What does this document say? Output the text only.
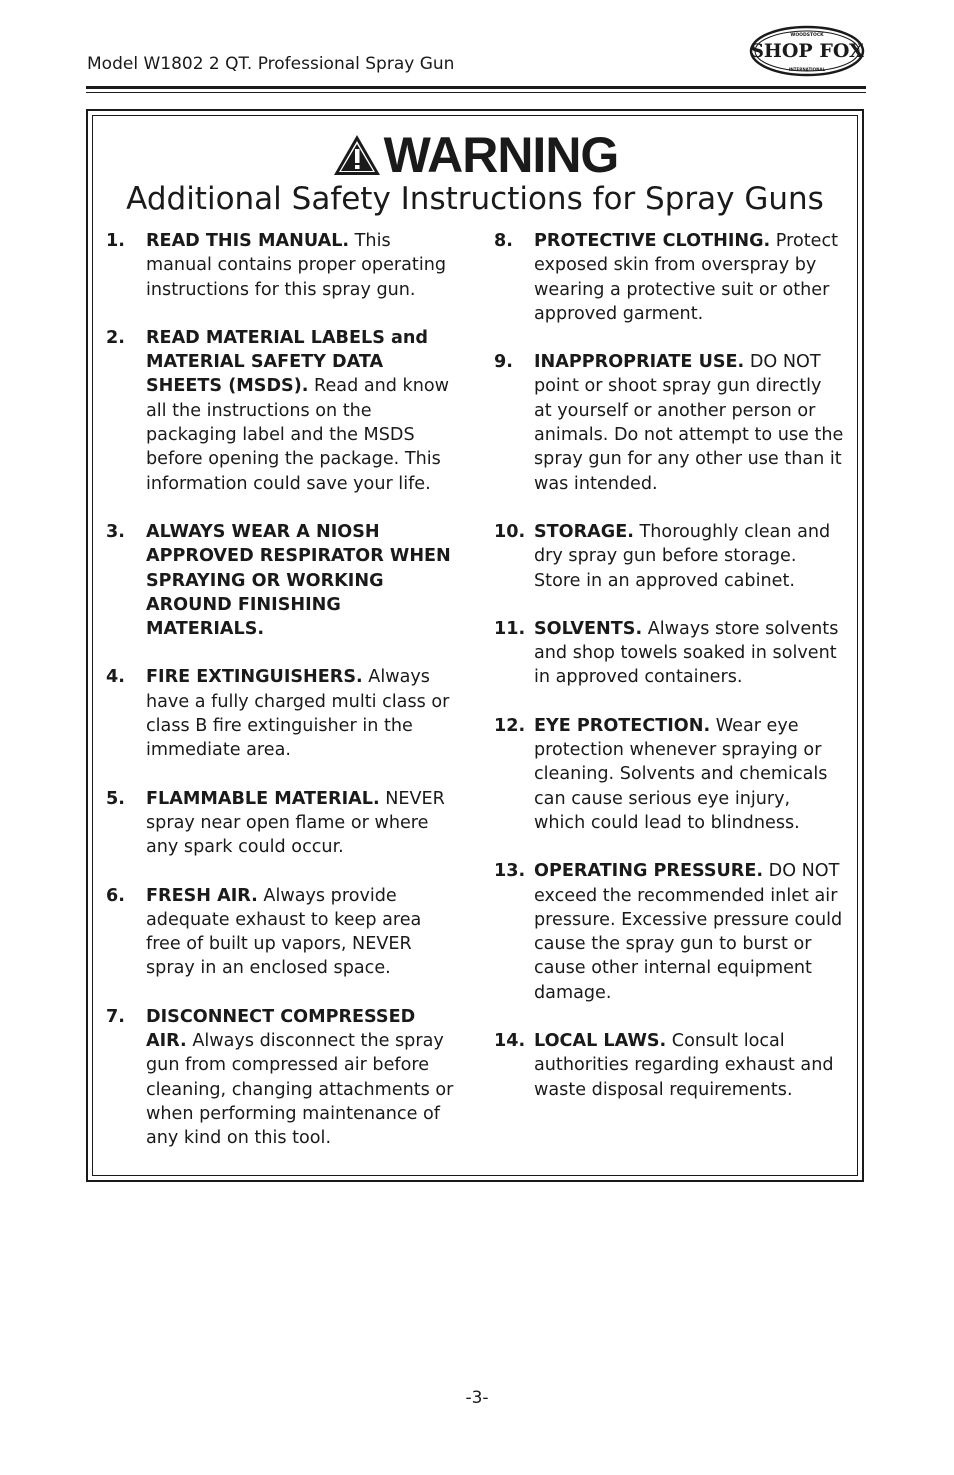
Model W1802 2 QT. Professional Spray Gun
WOODSTOCK
SHOP FOX
INTERNATIONAL
WARNING
Additional Safety Instructions for Spray Guns
1.	READ THIS MANUAL. This manual contains proper operating instructions for this spray gun.
2.	READ MATERIAL LABELS and MATERIAL SAFETY DATA SHEETS (MSDS). Read and know all the instructions on the packaging label and the MSDS before opening the package. This information could save your life.
3.	ALWAYS WEAR A NIOSH APPROVED RESPIRATOR WHEN SPRAYING OR WORKING AROUND FINISHING MATERIALS.
4.	FIRE EXTINGUISHERS. Always have a fully charged multi class or class B fire extinguisher in the immediate area.
5.	FLAMMABLE MATERIAL. NEVER spray near open flame or where any spark could occur.
6.	FRESH AIR. Always provide adequate exhaust to keep area free of built up vapors, NEVER spray in an enclosed space.
7.	DISCONNECT COMPRESSED AIR. Always disconnect the spray gun from compressed air before cleaning, changing attachments or when performing maintenance of any kind on this tool.
8.	PROTECTIVE CLOTHING. Protect exposed skin from overspray by wearing a protective suit or other approved garment.
9.	INAPPROPRIATE USE. DO NOT point or shoot spray gun directly at yourself or another person or animals. Do not attempt to use the spray gun for any other use than it was intended.
10. STORAGE. Thoroughly clean and dry spray gun before storage. Store in an approved cabinet.
11. SOLVENTS. Always store solvents and shop towels soaked in solvent in approved containers.
12. EYE PROTECTION. Wear eye protection whenever spraying or cleaning. Solvents and chemicals can cause serious eye injury, which could lead to blindness.
13. OPERATING PRESSURE. DO NOT exceed the recommended inlet air pressure. Excessive pressure could cause the spray gun to burst or cause other internal equipment damage.
14. LOCAL LAWS. Consult local authorities regarding exhaust and waste disposal requirements.
-3-
